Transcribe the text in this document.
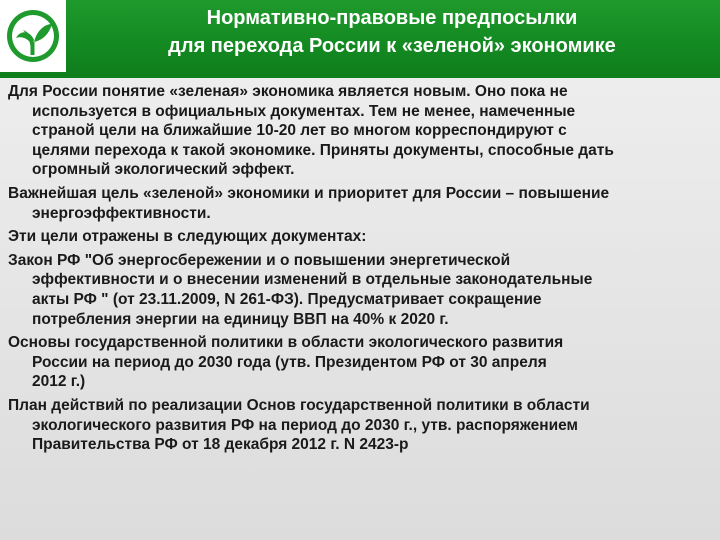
Нормативно-правовые предпосылки
для перехода России к «зеленой» экономике

Для России понятие «зеленая» экономика является новым. Оно пока не
используется в официальных документах. Тем не менее, намеченные
страной цели на ближайшие 10-20 лет во многом корреспондируют с
целями перехода к такой экономике. Приняты документы, способные дать
огромный экологический эффект.

Важнейшая цель «зеленой» экономики и приоритет для России – повышение
энергоэффективности.

Эти цели отражены в следующих документах:

Закон РФ "Об энергосбережении и о повышении энергетической
эффективности и о внесении изменений в отдельные законодательные
акты РФ " (от 23.11.2009, N 261-ФЗ). Предусматривает сокращение
потребления энергии на единицу ВВП на 40% к 2020 г.

Основы государственной политики в области экологического развития
России на период до 2030 года (утв. Президентом РФ от 30 апреля
2012 г.)

План действий по реализации Основ государственной политики в области
экологического развития РФ на период до 2030 г., утв. распоряжением
Правительства РФ от 18 декабря 2012 г. N 2423-р
